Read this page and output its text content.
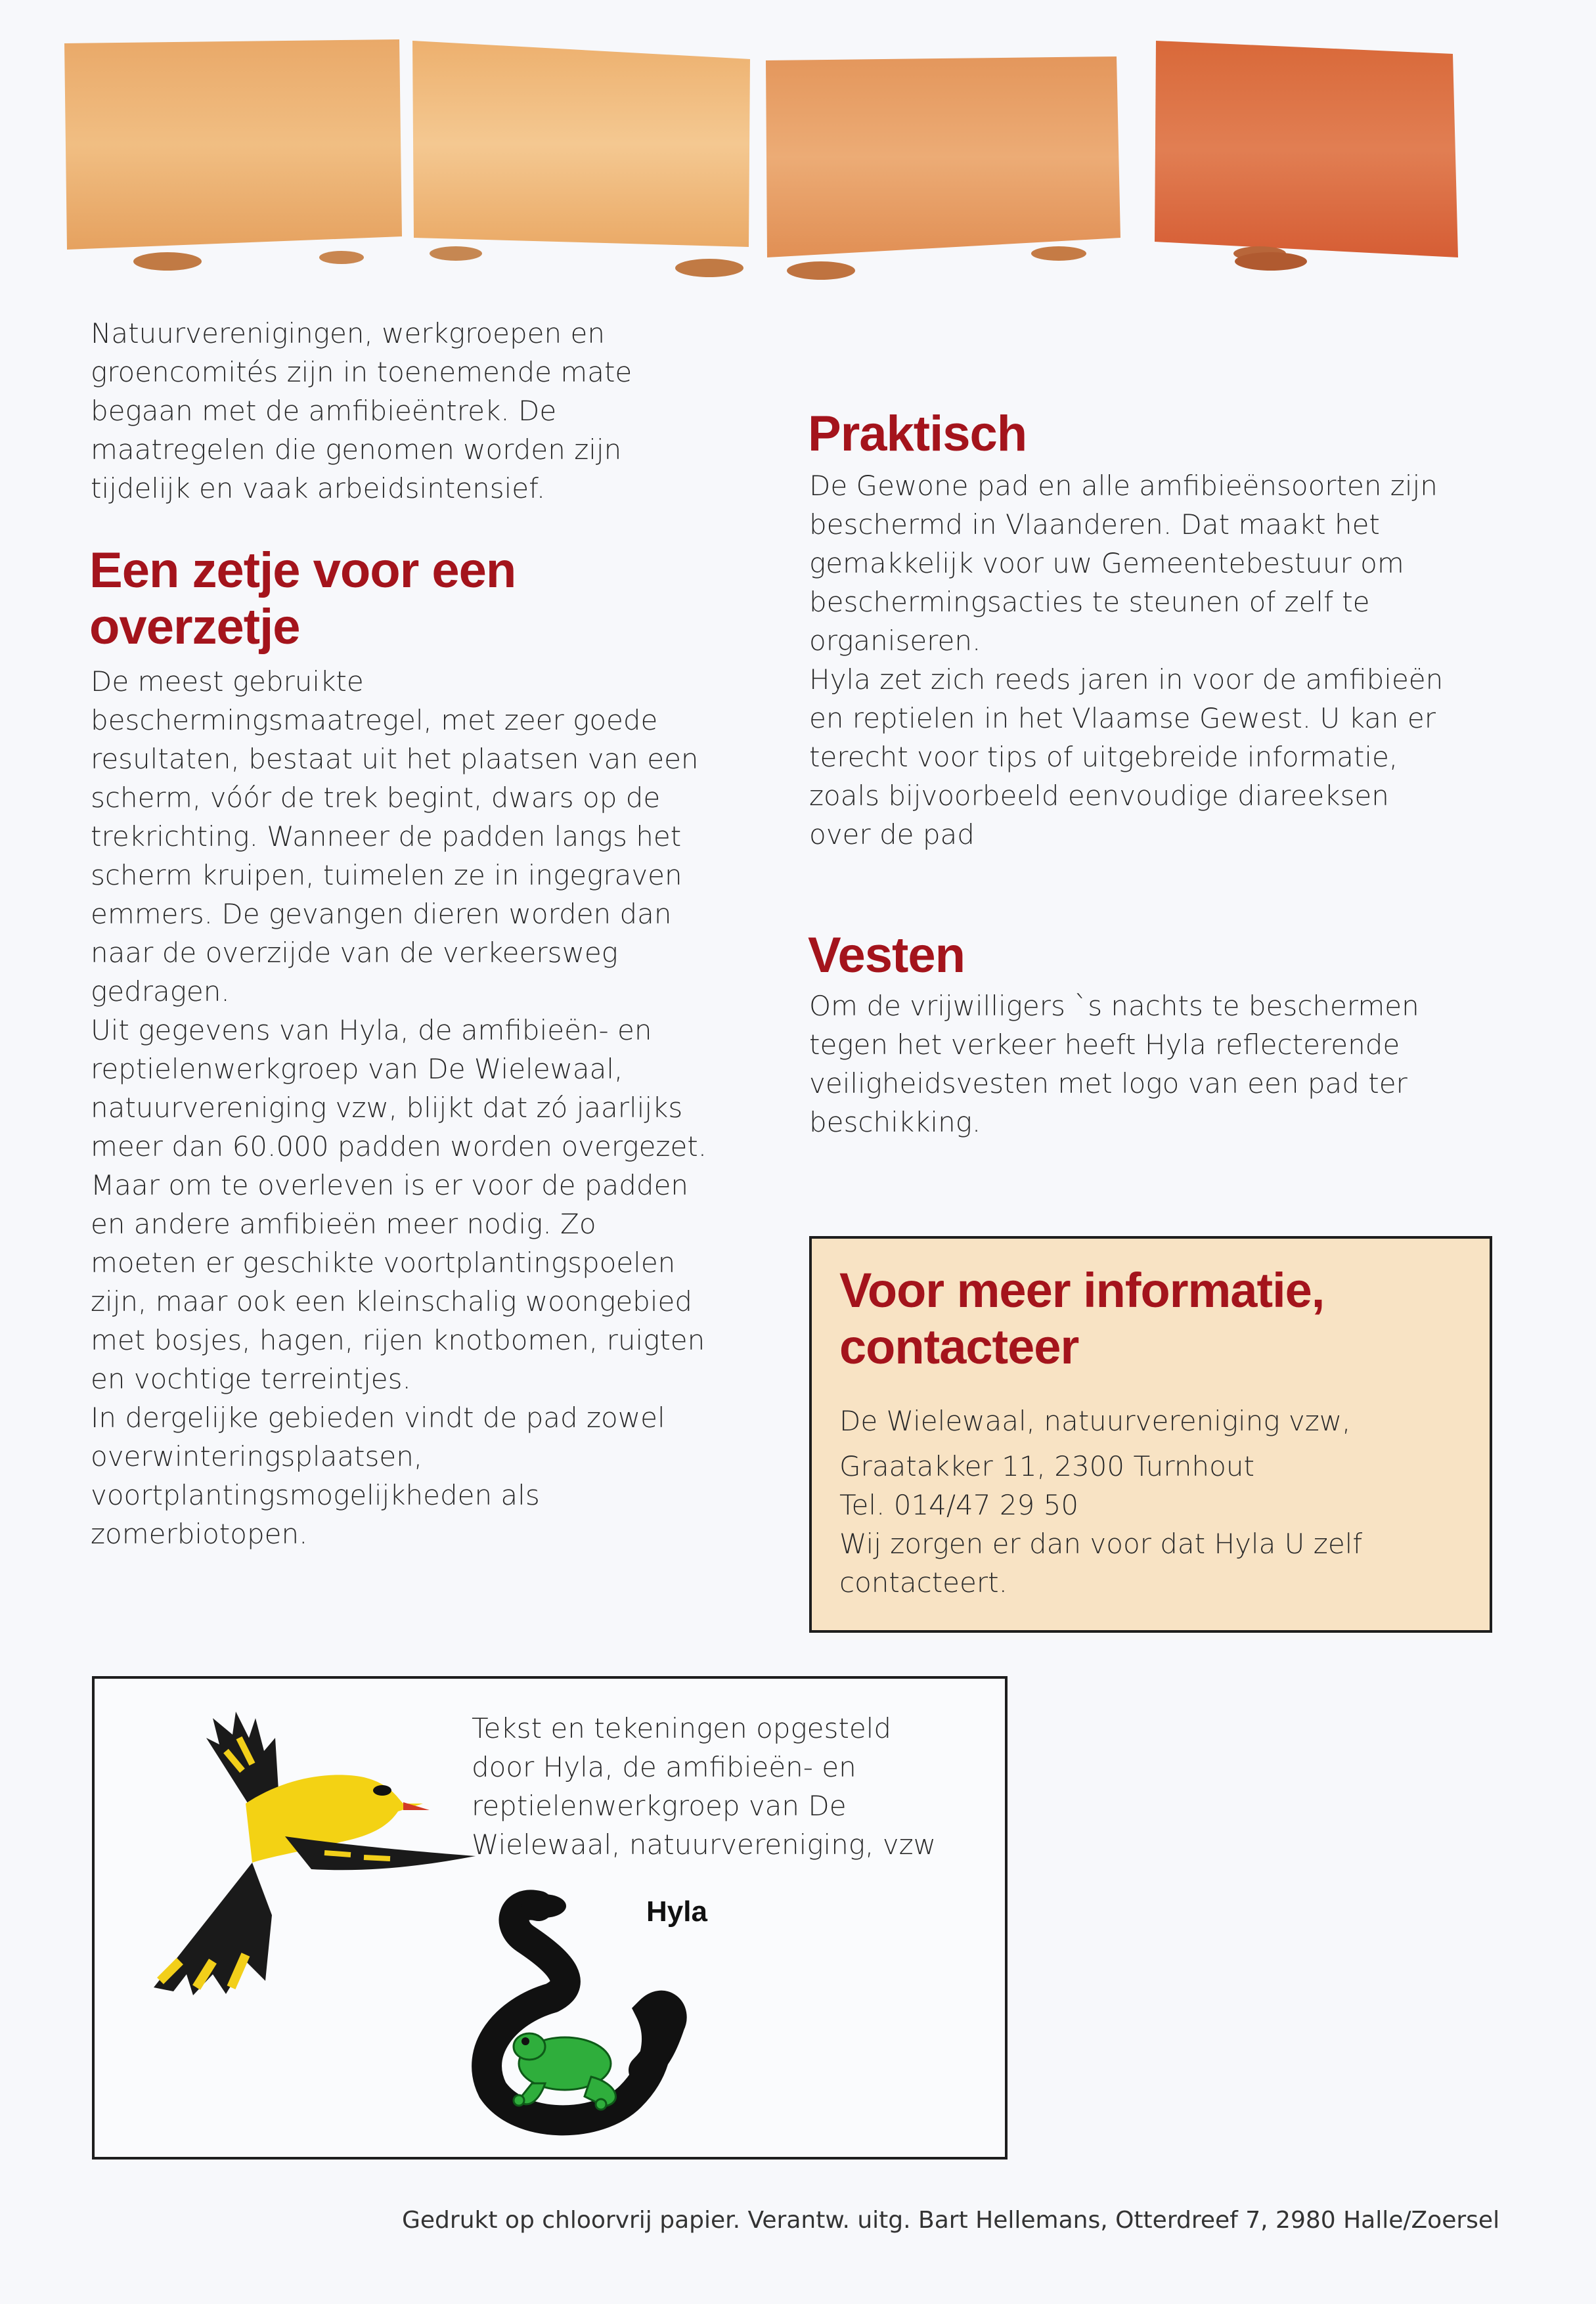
Natuurverenigingen, werkgroepen en

groencomités zijn in toenemende mate

begaan met de amfibieëntrek. De

maatregelen die genomen worden zijn

tijdelijk en vaak arbeidsintensief.

Een zetje voor een
overzetje

De meest gebruikte

beschermingsmaatregel, met zeer goede

resultaten, bestaat uit het plaatsen van een

scherm, vóór de trek begint, dwars op de

trekrichting. Wanneer de padden langs het

scherm kruipen, tuimelen ze in ingegraven

emmers. De gevangen dieren worden dan

naar de overzijde van de verkeersweg

gedragen.

Uit gegevens van Hyla, de amfibieën- en

reptielenwerkgroep van De Wielewaal,

natuurvereniging vzw, blijkt dat zó jaarlijks

meer dan 60.000 padden worden overgezet.

Maar om te overleven is er voor de padden

en andere amfibieën meer nodig. Zo

moeten er geschikte voortplantingspoelen

zijn, maar ook een kleinschalig woongebied

met bosjes, hagen, rijen knotbomen, ruigten

en vochtige terreintjes.

In dergelijke gebieden vindt de pad zowel

overwinteringsplaatsen,

voortplantingsmogelijkheden als

zomerbiotopen.

Praktisch

De Gewone pad en alle amfibieënsoorten zijn

beschermd in Vlaanderen. Dat maakt het

gemakkelijk voor uw Gemeentebestuur om

beschermingsacties te steunen of zelf te

organiseren.

Hyla zet zich reeds jaren in voor de amfibieën

en reptielen in het Vlaamse Gewest. U kan er

terecht voor tips of uitgebreide informatie,

zoals bijvoorbeeld eenvoudige diareeksen

over de pad

Vesten

Om de vrijwilligers `s nachts te beschermen

tegen het verkeer heeft Hyla reflecterende

veiligheidsvesten met logo van een pad ter

beschikking.

Voor meer informatie,
contacteer

De Wielewaal, natuurvereniging vzw,

Graatakker 11, 2300 Turnhout

Tel. 014/47 29 50

Wij zorgen er dan voor dat Hyla U zelf

contacteert.

Tekst en tekeningen opgesteld

door Hyla, de amfibieën- en

reptielenwerkgroep van De

Wielewaal, natuurvereniging, vzw

Hyla
Gedrukt op chloorvrij papier. Verantw. uitg. Bart Hellemans, Otterdreef 7, 2980 Halle/Zoersel
